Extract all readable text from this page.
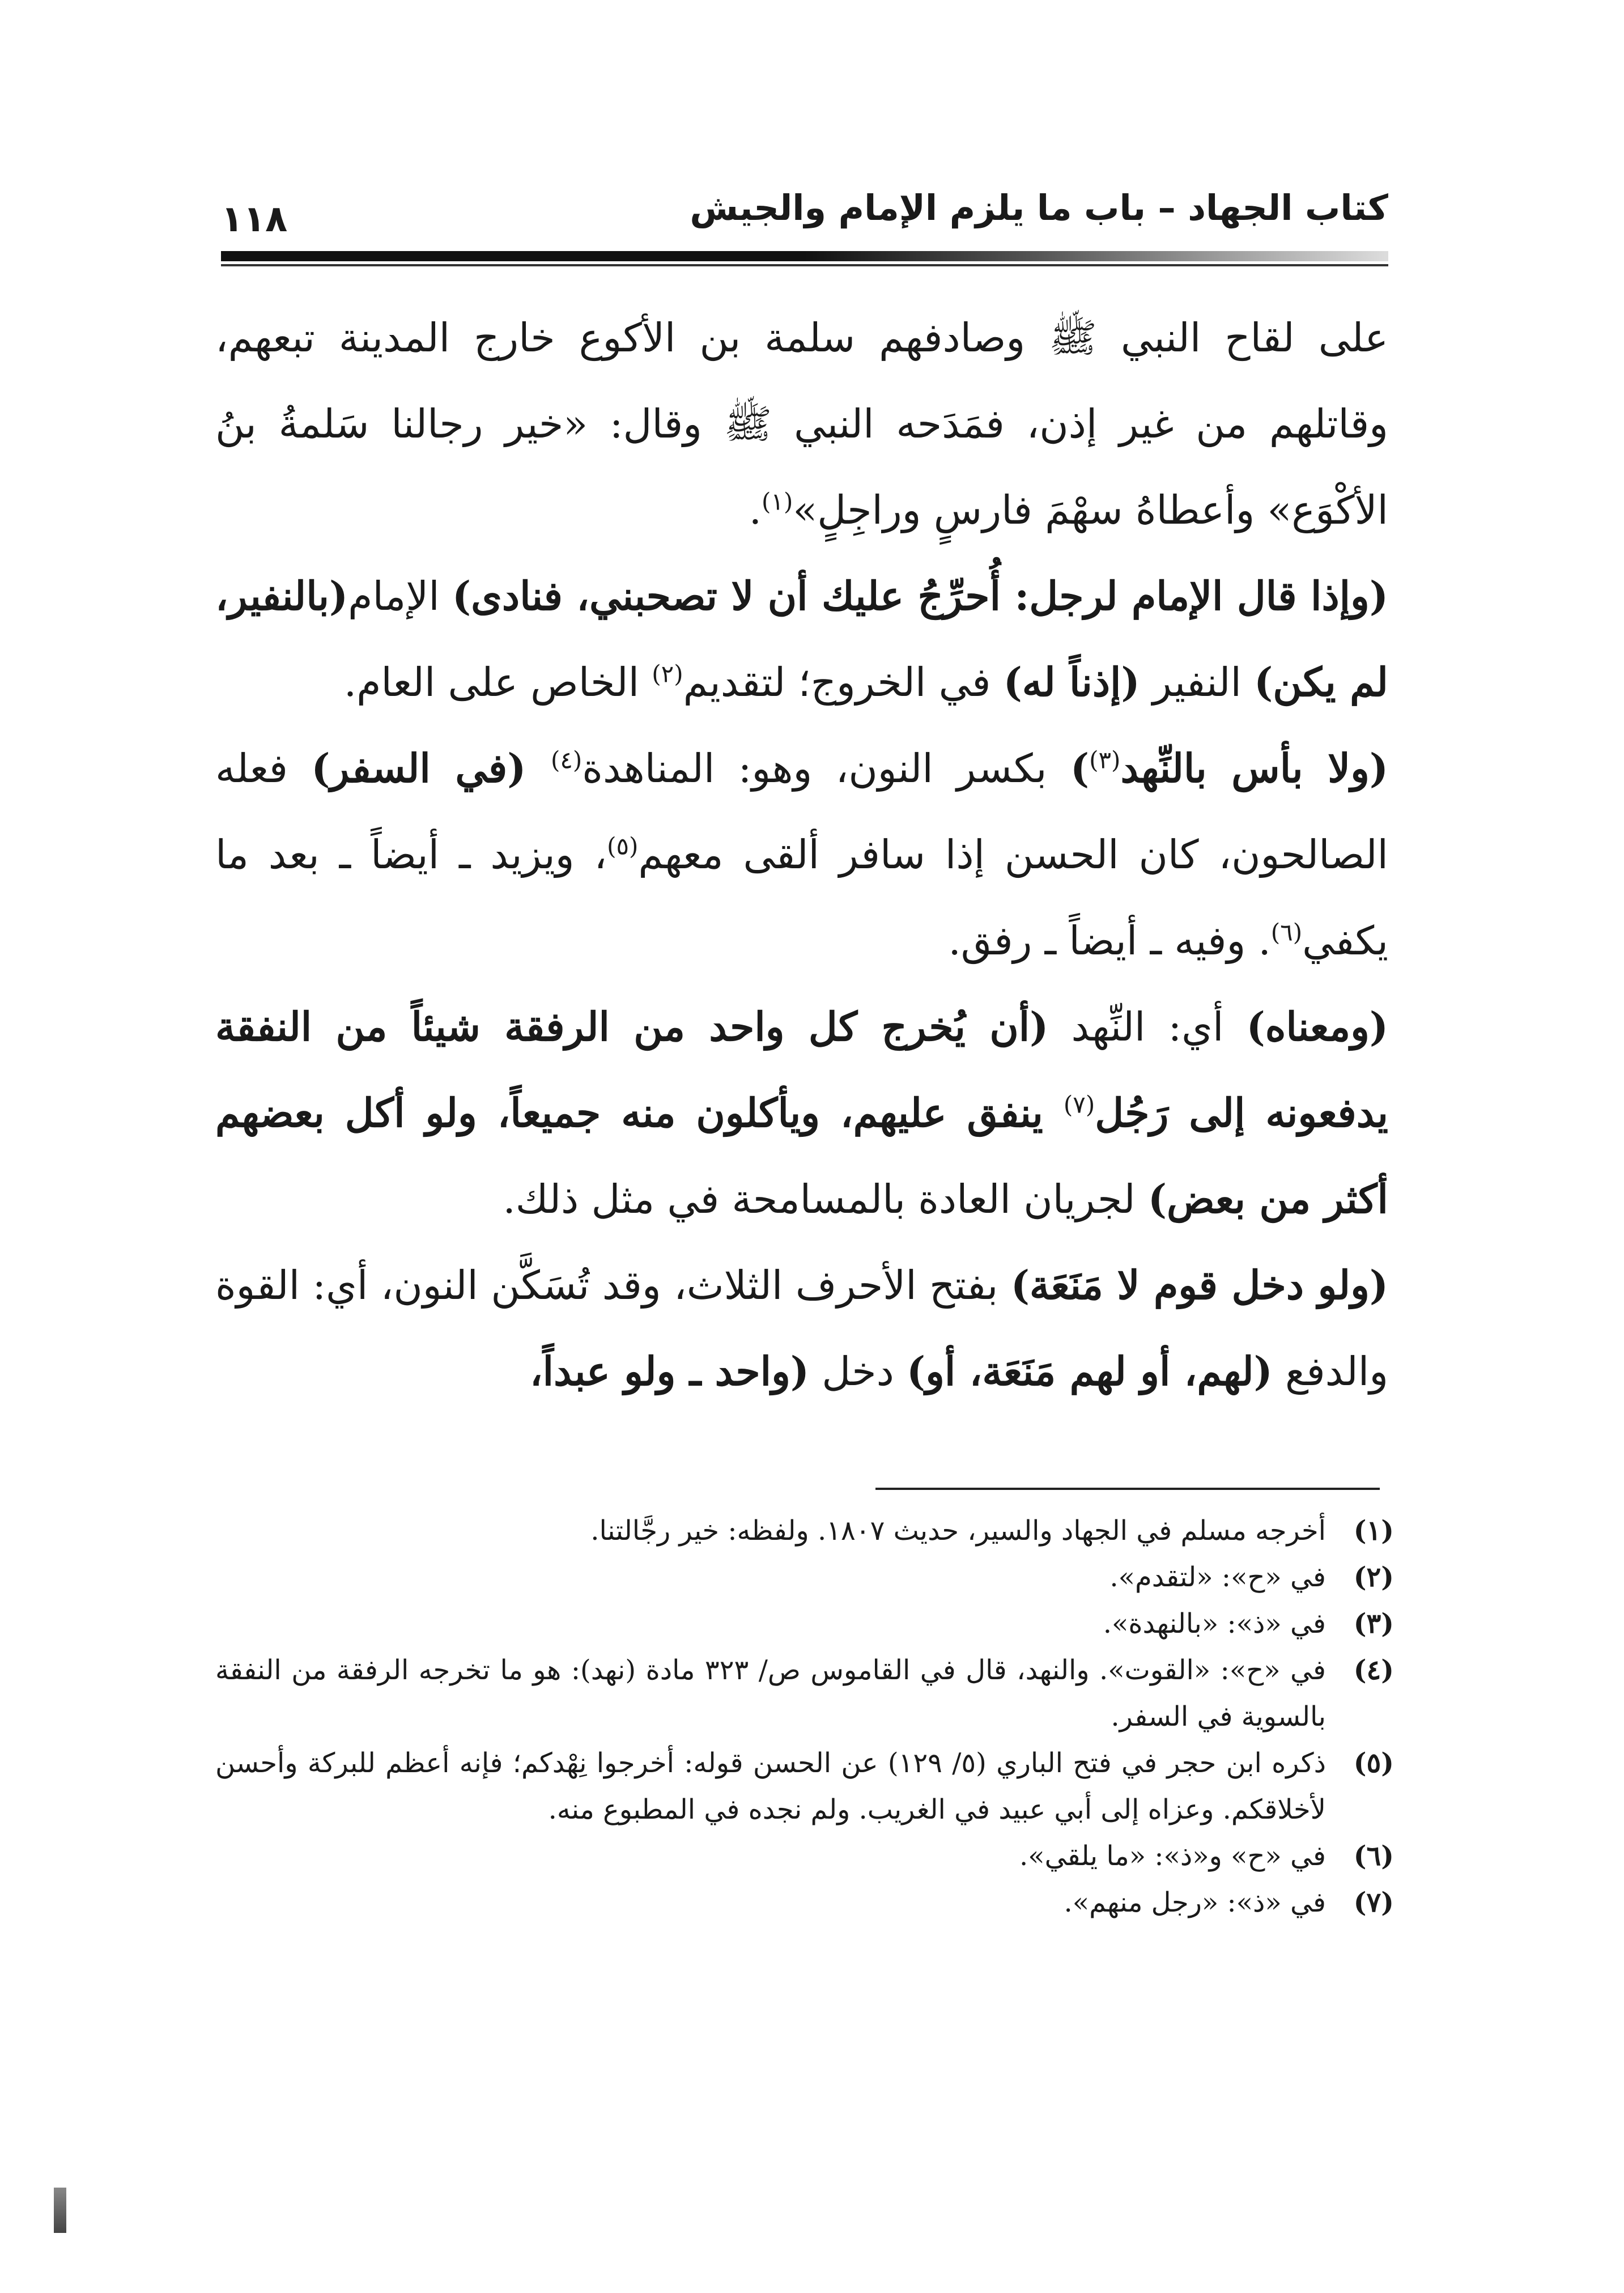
١١٨	كتاب الجهاد – باب ما يلزم الإمام والجيش

على لقاح النبي ﷺ وصادفهم سلمة بن الأكوع خارج المدينة تبعهم، وقاتلهم من غير إذن، فمَدَحه النبي ﷺ وقال: «خير رجالنا سَلمةُ بنُ الأكْوَع» وأعطاهُ سهْمَ فارسٍ وراجِلٍ»$^{(١)}$.

(وإذا قال الإمام لرجل: أُحرِّجُ عليك أن لا تصحبني، فنادى) الإمام(بالنفير، لم يكن) النفير (إذناً له) في الخروج؛ لتقديم$^{(٢)}$ الخاص على العام.

(ولا بأس بالنِّهد$^{(٣)}$) بكسر النون، وهو: المناهدة$^{(٤)}$ (في السفر) فعله الصالحون، كان الحسن إذا سافر ألقى معهم$^{(٥)}$، ويزيد ـ أيضاً ـ بعد ما يكفي$^{(٦)}$. وفيه ـ أيضاً ـ رفق.

(ومعناه) أي: النِّهد (أن يُخرج كل واحد من الرفقة شيئاً من النفقة يدفعونه إلى رَجُل$^{(٧)}$ ينفق عليهم، ويأكلون منه جميعاً، ولو أكل بعضهم أكثر من بعض) لجريان العادة بالمسامحة في مثل ذلك.

(ولو دخل قوم لا مَنَعَة) بفتح الأحرف الثلاث، وقد تُسَكَّن النون، أي: القوة والدفع (لهم، أو لهم مَنَعَة، أو) دخل (واحد ـ ولو عبداً،

(١)
أخرجه مسلم في الجهاد والسير، حديث ١٨٠٧. ولفظه: خير رجَّالتنا.

(٢)
في «ح»: «لتقدم».

(٣)
في «ذ»: «بالنهدة».

(٤)
في «ح»: «القوت». والنهد، قال في القاموس ص/ ٣٢٣ مادة (نهد): هو ما تخرجه الرفقة من النفقة بالسوية في السفر.

(٥)
ذكره ابن حجر في فتح الباري (٥/ ١٢٩) عن الحسن قوله: أخرجوا نِهْدكم؛ فإنه أعظم للبركة وأحسن لأخلاقكم. وعزاه إلى أبي عبيد في الغريب. ولم نجده في المطبوع منه.

(٦)
في «ح» و«ذ»: «ما يلقي».

(٧)
في «ذ»: «رجل منهم».
